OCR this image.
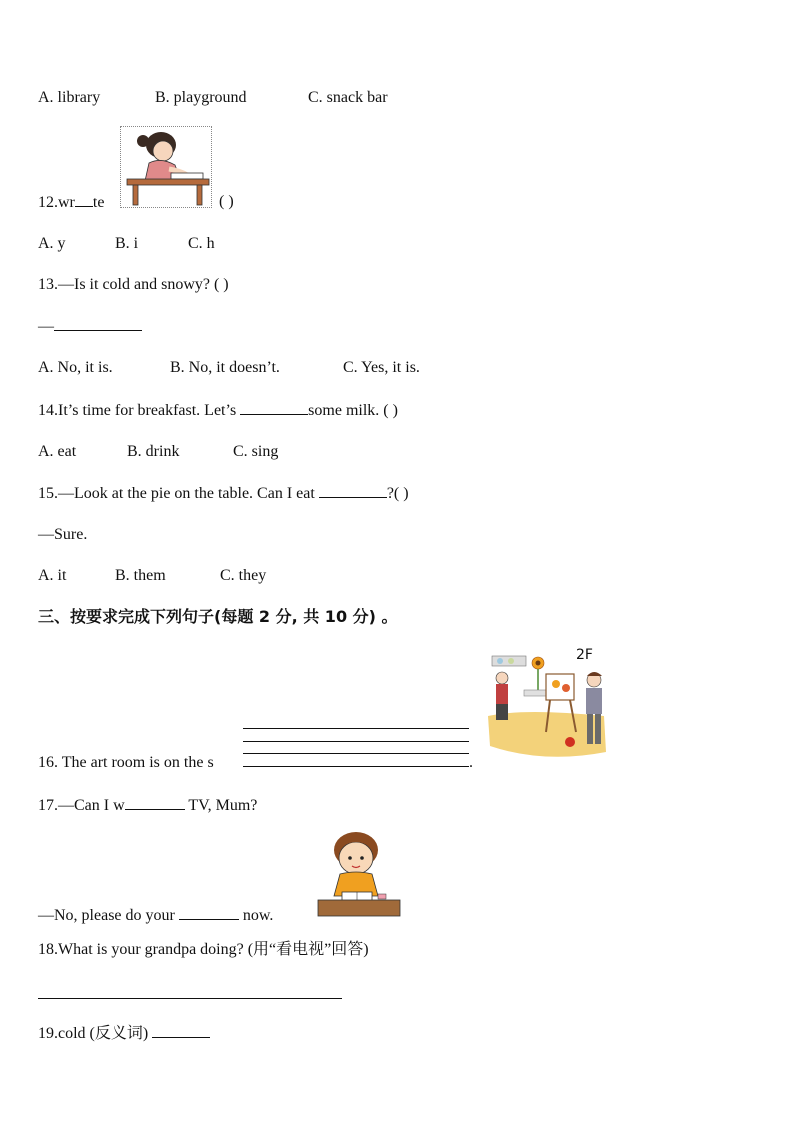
A. library	B. playground	C. snack bar
12.wr te	( )
A. y	B. i	C. h
13.—Is it cold and snowy? ( )
—
A. No, it is.	B. No, it doesn’t.	C. Yes, it is.
14.It’s time for breakfast. Let’s	some milk. ( )
A. eat	B. drink	C. sing
15.—Look at the pie on the table. Can I eat	?( )
—Sure.
A. it	B. them	C. they
三、按要求完成下列句子(每题 2 分, 共 10 分) 。
2F
16. The art room is on the s	.
17.—Can I w	TV, Mum?
—No, please do your	now.
18.What is your grandpa doing? (用“看电视”回答)
19.cold (反义词)
